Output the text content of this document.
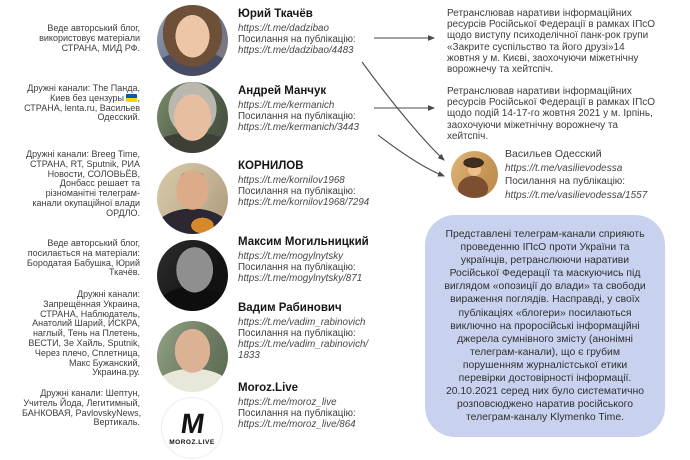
Веде авторський блог,
використовує матеріали
СТРАНА, МИД РФ.
Юрий Ткачёв
https://t.me/dadzibao
Посилання на публікацію:
https://t.me/dadzibao/4483
Дружні канали: The Панда,
Киев без цензуры ,
СТРАНА, lenta.ru, Васильев
Одесский.
Андрей Манчук
https://t.me/kermanich
Посилання на публікацію:
https://t.me/kermanich/3443
Дружні канали: Breeg Time,
СТРАНА, RT, Sputnik, РИА
Новости, СОЛОВЬЁВ,
Донбасс решает та
різноманітні телеграм-
канали окупаційної влади
ОРДЛО.
КОРНИЛОВ
https://t.me/kornilov1968
Посилання на публікацію:
https://t.me/kornilov1968/7294
Веде авторський блог,
посилається на матеріали:
Бородатая Бабушка, Юрий
Ткачёв.
Максим Могильницкий
https://t.me/mogylnytsky
Посилання на публікацію:
https://t.me/mogylnytsky/871
Дружні канали:
Запрещённая Украина,
СТРАНА, Наблюдатель,
Анатолий Шарий, ИСКРА,
наглый, Тень на Плетень,
ВЕСТИ, Зе Хайль, Sputnik,
Через плечо, Сплетница,
Макс Бужанский,
Украина.ру.
Вадим Рабинович
https://t.me/vadim_rabinovich
Посилання на публікацію:
https://t.me/vadim_rabinovich/
1833
Дружні канали: Шептун,
Учитель Йода, Легитимный,
БАНКОВАЯ, PavlovskyNews,
Вертикаль. M
MOROZ.LIVE
Moroz.Live
https://t.me/moroz_live
Посилання на публікацію:
https://t.me/moroz_live/864
Ретранслював наративи інформаційних
ресурсів Російської Федерації в рамках ІПсО
щодо виступу психоделічної панк-рок групи
«Закрите суспільство та його друзі»14
жовтня у м. Києві, заохочуючи міжетнічну
ворожнечу та хейтспіч.
Ретранслював наративи інформаційних
ресурсів Російської Федерації в рамках ІПсО
щодо подій 14-17-го жовтня 2021 у м. Ірпінь,
заохочуючи міжетнічну ворожнечу та
хейтспіч.
Васильев Одесский
https://t.me/vasilievodessa
Посилання на публікацію:
https://t.me/vasilievodessa/1557
Представлені телеграм-канали сприяють
проведенню ІПсО проти України та
українців, ретранслюючи наративи
Російської Федерації та маскуючись під
виглядом «опозиції до влади» та свободи
вираження поглядів. Насправді, у своїх
публікаціях «блогери» посилаються
виключно на проросійські інформаційні
джерела сумнівного змісту (анонімні
телеграм-канали), що є грубим
порушенням журналістської етики
перевірки достовірності інформації.
20.10.2021 серед них було систематично
розповсюджено наратив російського
телеграм-каналу Klymenko Time.
